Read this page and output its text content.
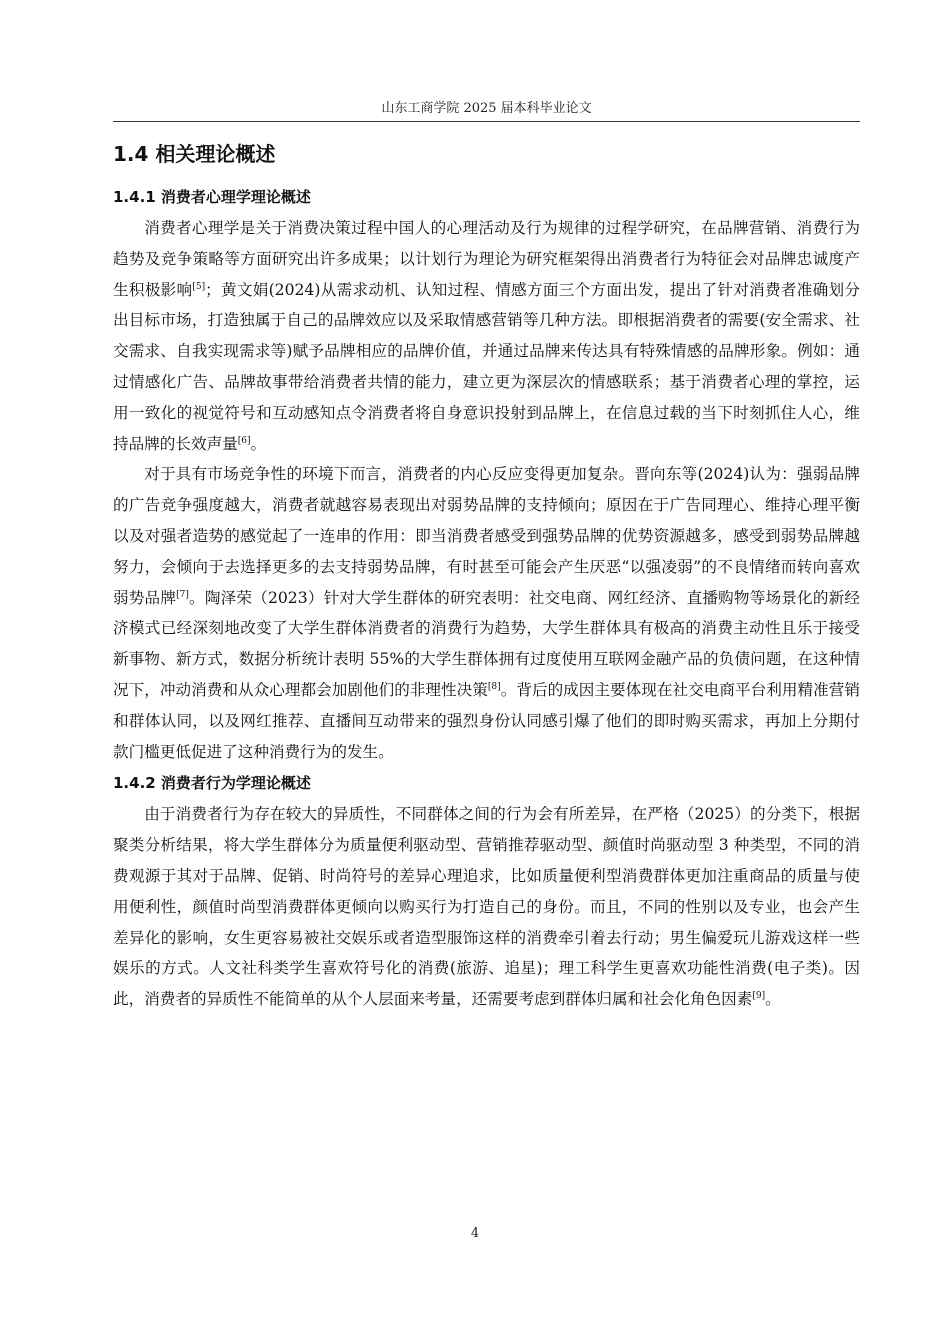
山东工商学院 2025 届本科毕业论文
1.4 相关理论概述
1.4.1 消费者心理学理论概述

消费者心理学是关于消费决策过程中国人的心理活动及行为规律的过程学研究，在品牌营销、消费行为趋势及竞争策略等方面研究出许多成果；以计划行为理论为研究框架得出消费者行为特征会对品牌忠诚度产生积极影响[5]；黄文娟(2024)从需求动机、认知过程、情感方面三个方面出发，提出了针对消费者准确划分出目标市场，打造独属于自己的品牌效应以及采取情感营销等几种方法。即根据消费者的需要(安全需求、社交需求、自我实现需求等)赋予品牌相应的品牌价值，并通过品牌来传达具有特殊情感的品牌形象。例如：通过情感化广告、品牌故事带给消费者共情的能力，建立更为深层次的情感联系；基于消费者心理的掌控，运用一致化的视觉符号和互动感知点令消费者将自身意识投射到品牌上，在信息过载的当下时刻抓住人心，维持品牌的长效声量[6]。

对于具有市场竞争性的环境下而言，消费者的内心反应变得更加复杂。晋向东等(2024)认为：强弱品牌的广告竞争强度越大，消费者就越容易表现出对弱势品牌的支持倾向；原因在于广告同理心、维持心理平衡以及对强者造势的感觉起了一连串的作用：即当消费者感受到强势品牌的优势资源越多，感受到弱势品牌越努力，会倾向于去选择更多的去支持弱势品牌，有时甚至可能会产生厌恶“以强凌弱”的不良情绪而转向喜欢弱势品牌[7]。陶泽荣（2023）针对大学生群体的研究表明：社交电商、网红经济、直播购物等场景化的新经济模式已经深刻地改变了大学生群体消费者的消费行为趋势，大学生群体具有极高的消费主动性且乐于接受新事物、新方式，数据分析统计表明 55%的大学生群体拥有过度使用互联网金融产品的负债问题，在这种情况下，冲动消费和从众心理都会加剧他们的非理性决策[8]。背后的成因主要体现在社交电商平台利用精准营销和群体认同，以及网红推荐、直播间互动带来的强烈身份认同感引爆了他们的即时购买需求，再加上分期付款门槛更低促进了这种消费行为的发生。

1.4.2 消费者行为学理论概述

由于消费者行为存在较大的异质性，不同群体之间的行为会有所差异，在严格（2025）的分类下，根据聚类分析结果，将大学生群体分为质量便利驱动型、营销推荐驱动型、颜值时尚驱动型 3 种类型，不同的消费观源于其对于品牌、促销、时尚符号的差异心理追求，比如质量便利型消费群体更加注重商品的质量与使用便利性，颜值时尚型消费群体更倾向以购买行为打造自己的身份。而且，不同的性别以及专业，也会产生差异化的影响，女生更容易被社交娱乐或者造型服饰这样的消费牵引着去行动；男生偏爱玩儿游戏这样一些娱乐的方式。人文社科类学生喜欢符号化的消费(旅游、追星)；理工科学生更喜欢功能性消费(电子类)。因此，消费者的异质性不能简单的从个人层面来考量，还需要考虑到群体归属和社会化角色因素[9]。

4
